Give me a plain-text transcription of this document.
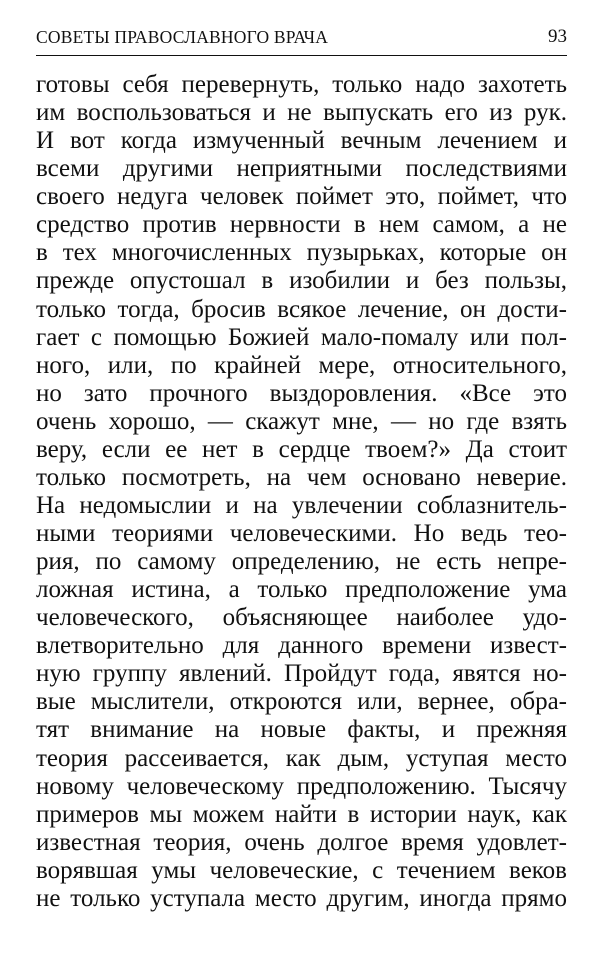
СОВЕТЫ ПРАВОСЛАВНОГО ВРАЧА	93
готовы себя перевернуть, только надо захотеть
им воспользоваться и не выпускать его из рук.
И вот когда измученный вечным лечением и
всеми другими неприятными последствиями
своего недуга человек поймет это, поймет, что
средство против нервности в нем самом, а не
в тех многочисленных пузырьках, которые он
прежде опустошал в изобилии и без пользы,
только тогда, бросив всякое лечение, он дости-
гает с помощью Божией мало-помалу или пол-
ного, или, по крайней мере, относительного,
но зато прочного выздоровления. «Все это
очень хорошо, — скажут мне, — но где взять
веру, если ее нет в сердце твоем?» Да стоит
только посмотреть, на чем основано неверие.
На недомыслии и на увлечении соблазнитель-
ными теориями человеческими. Но ведь тео-
рия, по самому определению, не есть непре-
ложная истина, а только предположение ума
человеческого, объясняющее наиболее удо-
влетворительно для данного времени извест-
ную группу явлений. Пройдут года, явятся но-
вые мыслители, откроются или, вернее, обра-
тят внимание на новые факты, и прежняя
теория рассеивается, как дым, уступая место
новому человеческому предположению. Тысячу
примеров мы можем найти в истории наук, как
известная теория, очень долгое время удовлет-
ворявшая умы человеческие, с течением веков
не только уступала место другим, иногда прямо
